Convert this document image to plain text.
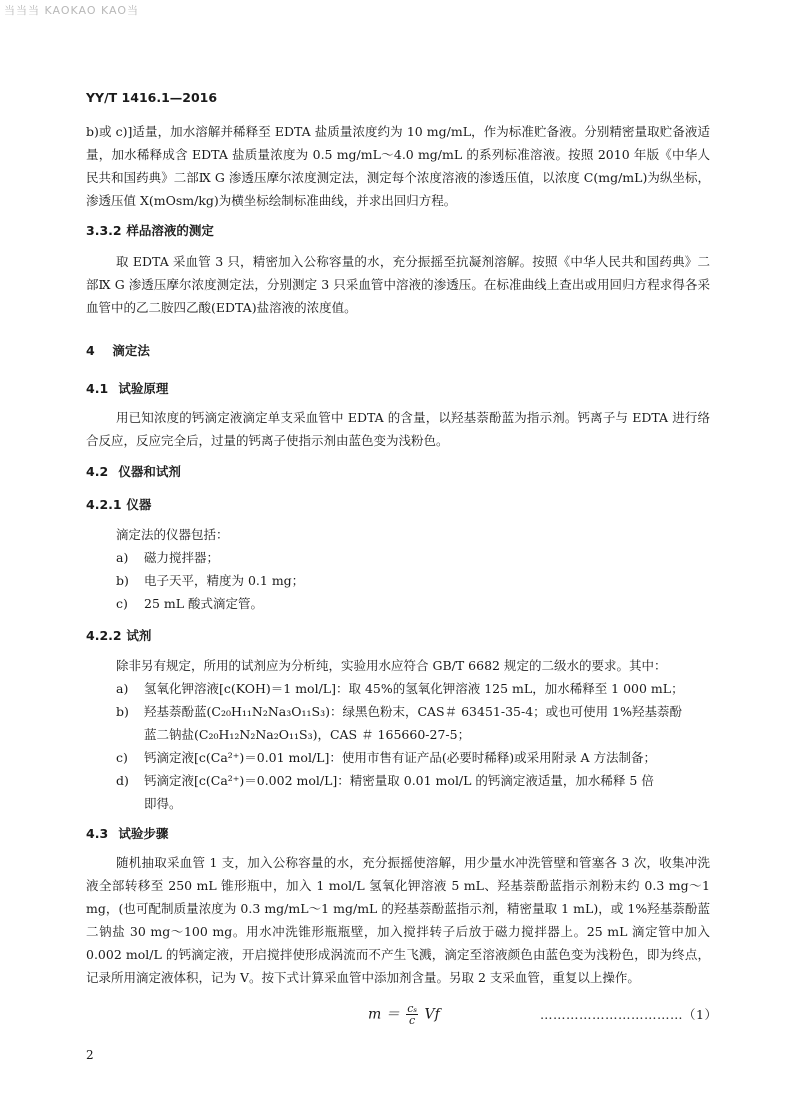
当当当 KAOKAO KAO当
YY/T 1416.1—2016
b)或 c)]适量，加水溶解并稀释至 EDTA 盐质量浓度约为 10 mg/mL，作为标准贮备液。分别精密量取贮备液适量，加水稀释成含 EDTA 盐质量浓度为 0.5 mg/mL～4.0 mg/mL 的系列标准溶液。按照 2010 年版《中华人民共和国药典》二部Ⅸ G 渗透压摩尔浓度测定法，测定每个浓度溶液的渗透压值，以浓度 C(mg/mL)为纵坐标，渗透压值 X(mOsm/kg)为横坐标绘制标准曲线，并求出回归方程。
3.3.2 样品溶液的测定
取 EDTA 采血管 3 只，精密加入公称容量的水，充分振摇至抗凝剂溶解。按照《中华人民共和国药典》二部Ⅸ G 渗透压摩尔浓度测定法，分别测定 3 只采血管中溶液的渗透压。在标准曲线上查出或用回归方程求得各采血管中的乙二胺四乙酸(EDTA)盐溶液的浓度值。
4 滴定法
4.1 试验原理
用已知浓度的钙滴定液滴定单支采血管中 EDTA 的含量，以羟基萘酚蓝为指示剂。钙离子与 EDTA 进行络合反应，反应完全后，过量的钙离子使指示剂由蓝色变为浅粉色。
4.2 仪器和试剂
4.2.1 仪器
滴定法的仪器包括：
a) 磁力搅拌器；
b) 电子天平，精度为 0.1 mg；
c) 25 mL 酸式滴定管。
4.2.2 试剂
除非另有规定，所用的试剂应为分析纯，实验用水应符合 GB/T 6682 规定的二级水的要求。其中：
a) 氢氧化钾溶液[c(KOH)＝1 mol/L]：取 45%的氢氧化钾溶液 125 mL，加水稀释至 1 000 mL；
b) 羟基萘酚蓝(C₂₀H₁₁N₂Na₃O₁₁S₃)：绿黑色粉末，CAS＃ 63451-35-4；或也可使用 1%羟基萘酚
蓝二钠盐(C₂₀H₁₂N₂Na₂O₁₁S₃)，CAS ＃ 165660-27-5；
c) 钙滴定液[c(Ca²⁺)＝0.01 mol/L]：使用市售有证产品(必要时稀释)或采用附录 A 方法制备；
d) 钙滴定液[c(Ca²⁺)＝0.002 mol/L]：精密量取 0.01 mol/L 的钙滴定液适量，加水稀释 5 倍
即得。
4.3 试验步骤
随机抽取采血管 1 支，加入公称容量的水，充分振摇使溶解，用少量水冲洗管壁和管塞各 3 次，收集冲洗液全部转移至 250 mL 锥形瓶中，加入 1 mol/L 氢氧化钾溶液 5 mL、羟基萘酚蓝指示剂粉末约 0.3 mg～1 mg，(也可配制质量浓度为 0.3 mg/mL～1 mg/mL 的羟基萘酚蓝指示剂，精密量取 1 mL)，或 1%羟基萘酚蓝二钠盐 30 mg～100 mg。用水冲洗锥形瓶瓶壁，加入搅拌转子后放于磁力搅拌器上。25 mL 滴定管中加入 0.002 mol/L 的钙滴定液，开启搅拌使形成涡流而不产生飞溅，滴定至溶液颜色由蓝色变为浅粉色，即为终点，记录所用滴定液体积，记为 V。按下式计算采血管中添加剂含量。另取 2 支采血管，重复以上操作。
$m = \frac{\text{cₛ}}{c}$ Vf	……………………………（1）
2
